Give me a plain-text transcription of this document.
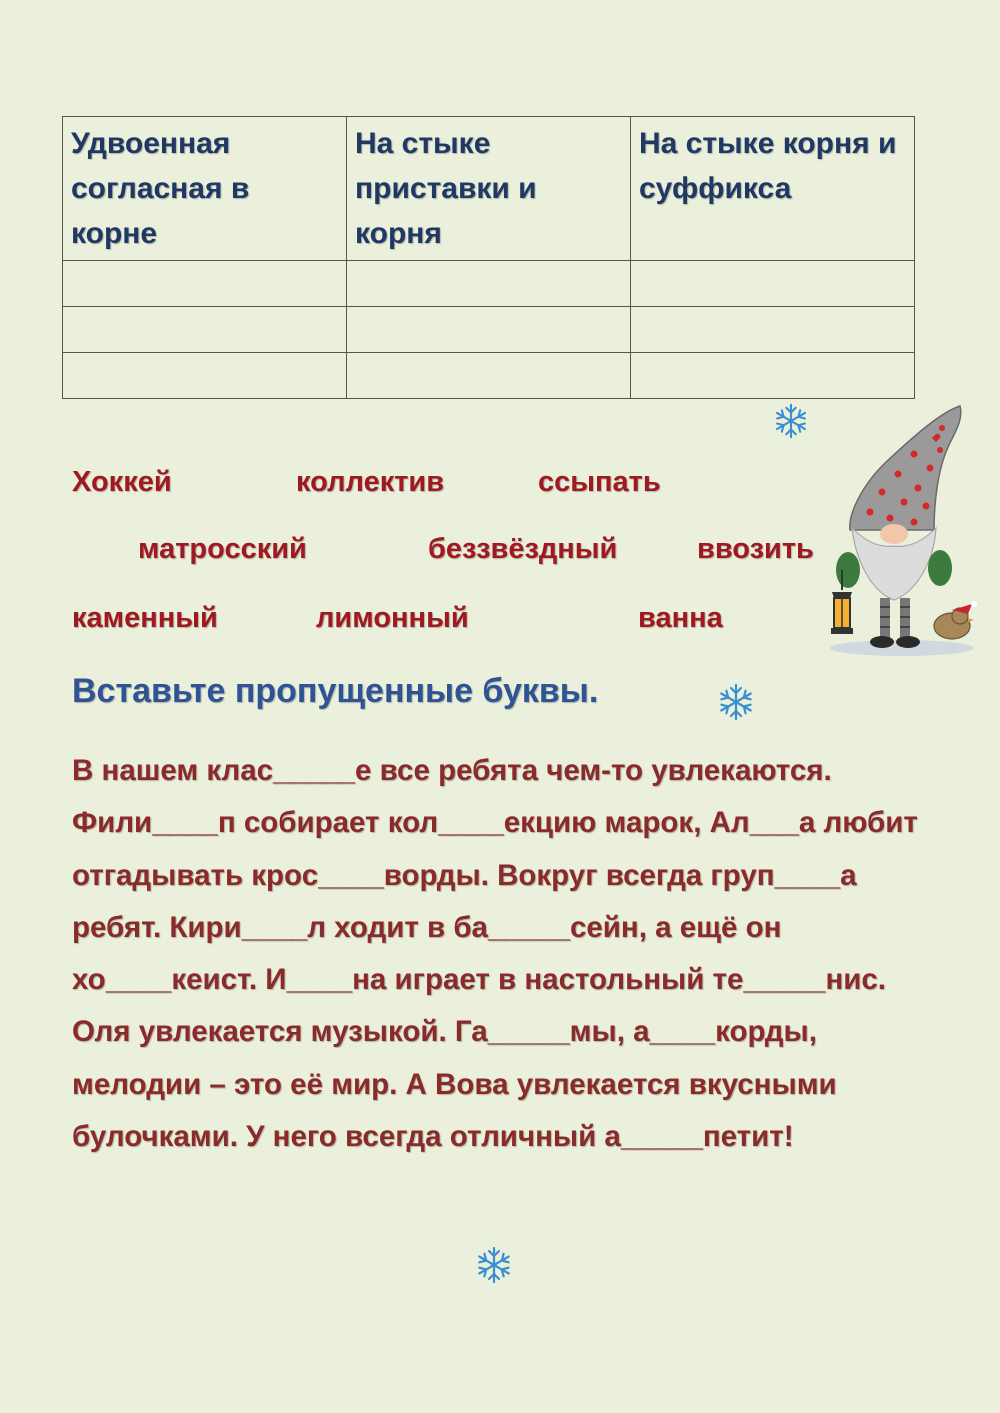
Удвоенная согласная в корне	На стыке приставки и корня	На стыке корня и суффикса

Хоккей	коллектив	ссыпать
матросский	беззвёздный	ввозить
каменный	лимонный	ванна
Вставьте пропущенные буквы.

В нашем клас_____е все ребята чем-то увлекаются. Фили____п собирает кол____екцию марок, Ал___а любит отгадывать крос____ворды. Вокруг всегда груп____а ребят. Кири____л ходит в ба_____сейн, а ещё он хо____кеист. И____на играет в настольный те_____нис. Оля увлекается музыкой. Га_____мы, а____корды, мелодии – это её мир. А Вова увлекается вкусными булочками. У него всегда отличный а_____петит!
